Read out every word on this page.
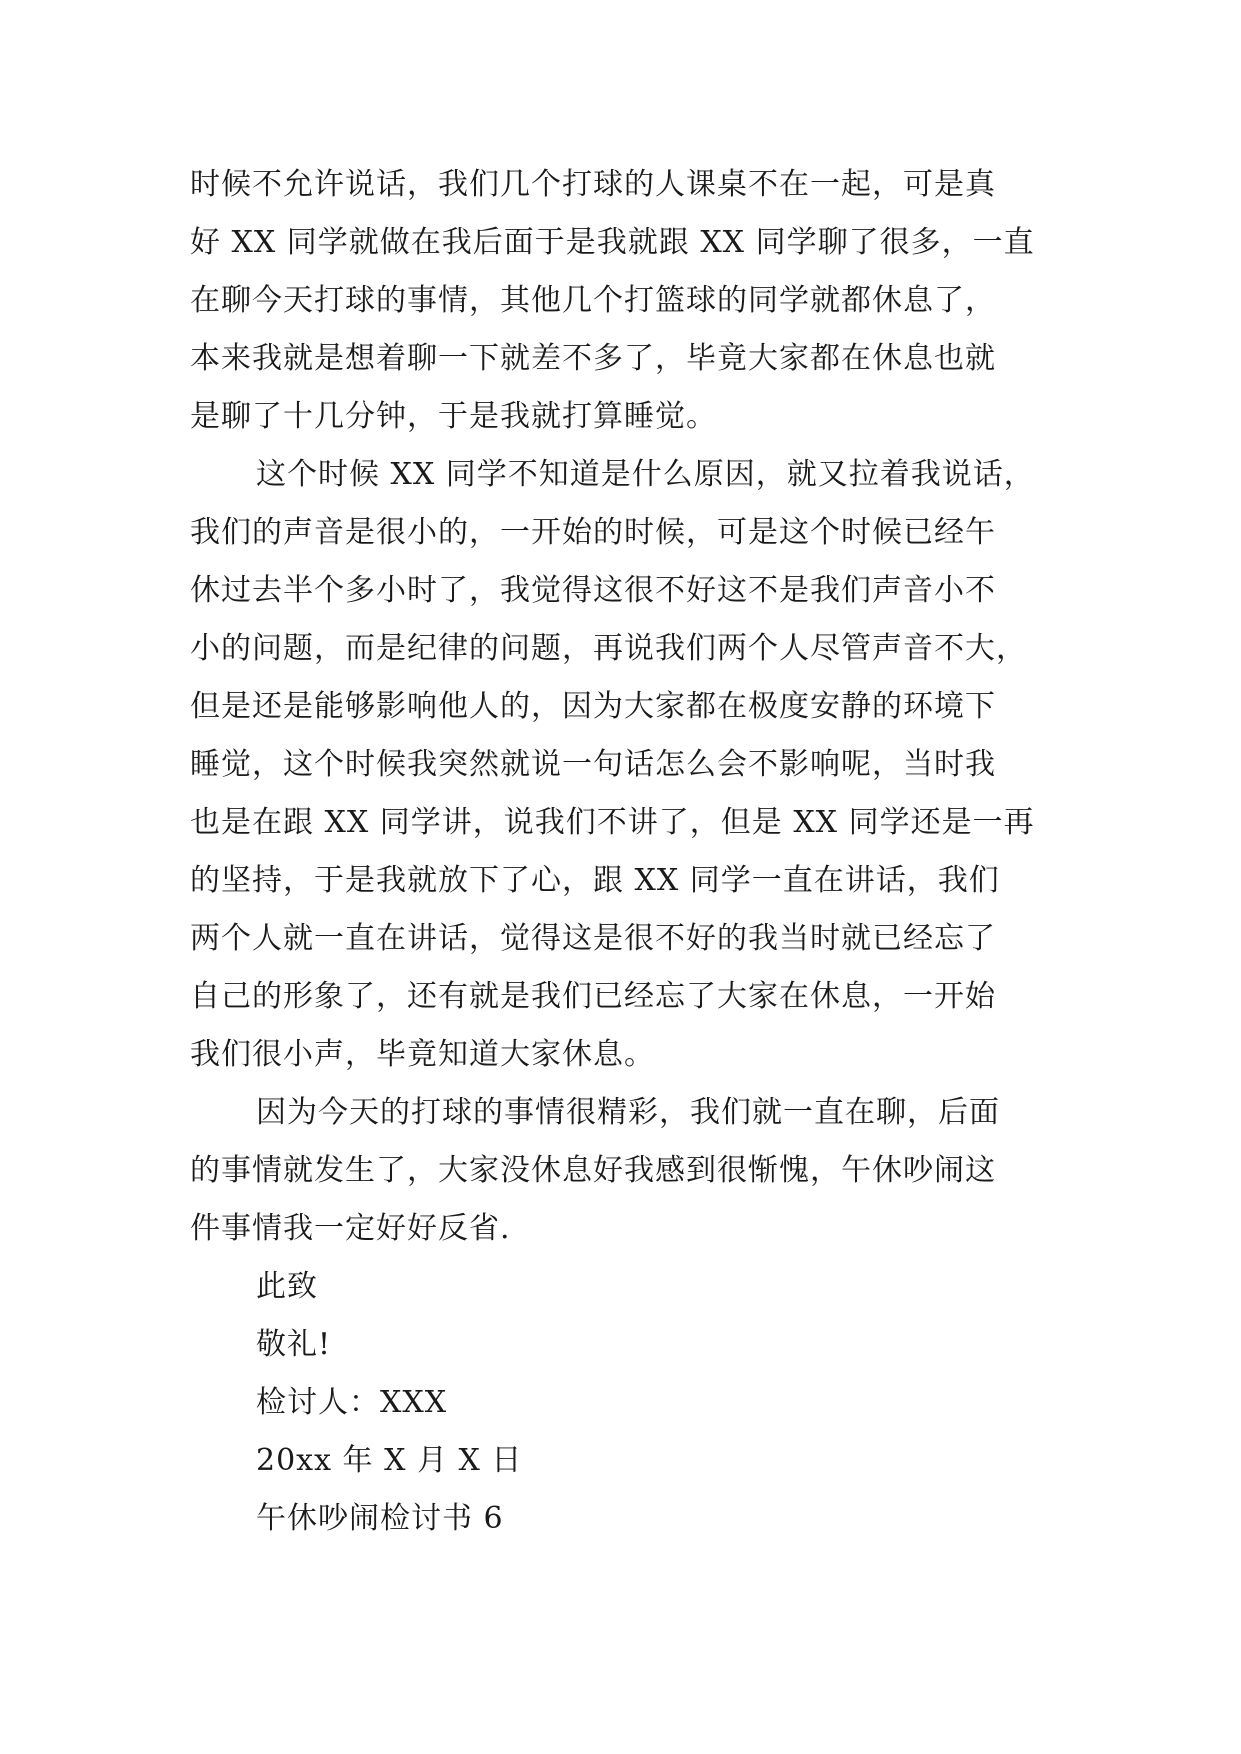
时候不允许说话，我们几个打球的人课桌不在一起，可是真

好 XX 同学就做在我后面于是我就跟 XX 同学聊了很多，一直

在聊今天打球的事情，其他几个打篮球的同学就都休息了，

本来我就是想着聊一下就差不多了，毕竟大家都在休息也就

是聊了十几分钟，于是我就打算睡觉。

这个时候 XX 同学不知道是什么原因，就又拉着我说话，

我们的声音是很小的，一开始的时候，可是这个时候已经午

休过去半个多小时了，我觉得这很不好这不是我们声音小不

小的问题，而是纪律的问题，再说我们两个人尽管声音不大，

但是还是能够影响他人的，因为大家都在极度安静的环境下

睡觉，这个时候我突然就说一句话怎么会不影响呢，当时我

也是在跟 XX 同学讲，说我们不讲了，但是 XX 同学还是一再

的坚持，于是我就放下了心，跟 XX 同学一直在讲话，我们

两个人就一直在讲话，觉得这是很不好的我当时就已经忘了

自己的形象了，还有就是我们已经忘了大家在休息，一开始

我们很小声，毕竟知道大家休息。

因为今天的打球的事情很精彩，我们就一直在聊，后面

的事情就发生了，大家没休息好我感到很惭愧，午休吵闹这

件事情我一定好好反省.

此致

敬礼!

检讨人：XXX

20xx 年 X 月 X 日

午休吵闹检讨书 6
